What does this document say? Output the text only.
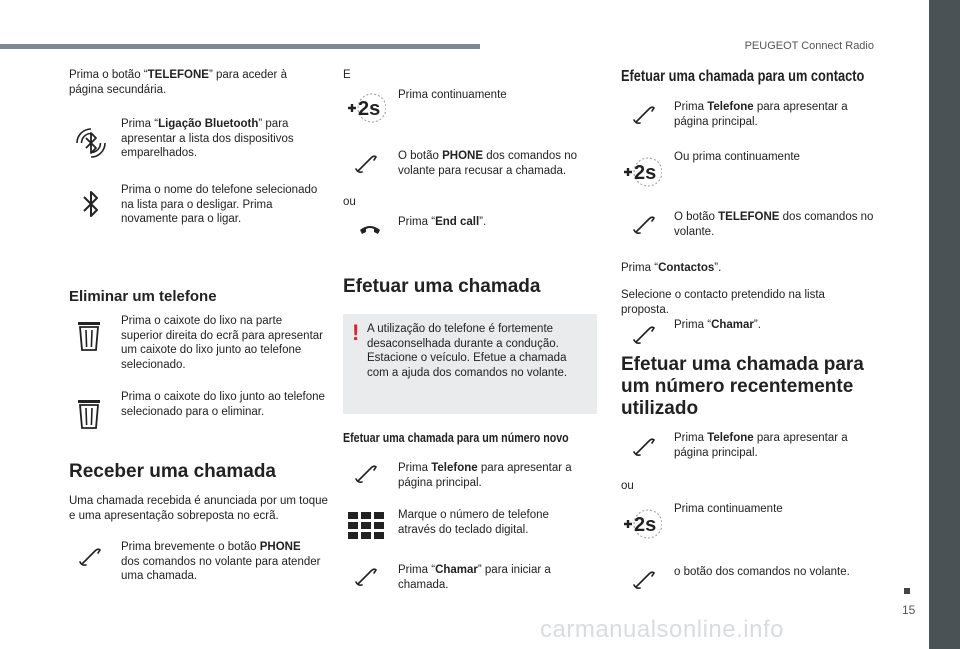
PEUGEOT Connect Radio
15
carmanualsonline.info
Prima o botão “TELEFONE” para aceder à página secundária.
Prima “Ligação Bluetooth” para apresentar a lista dos dispositivos emparelhados.
Prima o nome do telefone selecionado na lista para o desligar. Prima novamente para o ligar.
Eliminar um telefone
Prima o caixote do lixo na parte superior direita do ecrã para apresentar um caixote do lixo junto ao telefone selecionado.
Prima o caixote do lixo junto ao telefone selecionado para o eliminar.
Receber uma chamada
Uma chamada recebida é anunciada por um toque e uma apresentação sobreposta no ecrã.
Prima brevemente o botão PHONE dos comandos no volante para atender uma chamada.
E
2s
Prima continuamente
O botão PHONE dos comandos no volante para recusar a chamada.
ou
Prima “End call”.
Efetuar uma chamada
! A utilização do telefone é fortemente desaconselhada durante a condução. Estacione o veículo. Efetue a chamada com a ajuda dos comandos no volante.
Efetuar uma chamada para um número novo
Prima Telefone para apresentar a página principal.
Marque o número de telefone através do teclado digital.
Prima “Chamar” para iniciar a chamada.
Efetuar uma chamada para um contacto
Prima Telefone para apresentar a página principal.
2s
Ou prima continuamente
O botão TELEFONE dos comandos no volante.
Prima “Contactos”.
Selecione o contacto pretendido na lista proposta.
Prima “Chamar”.
Efetuar uma chamada para um número recentemente utilizado
Prima Telefone para apresentar a página principal.
ou
2s
Prima continuamente
o botão dos comandos no volante.
